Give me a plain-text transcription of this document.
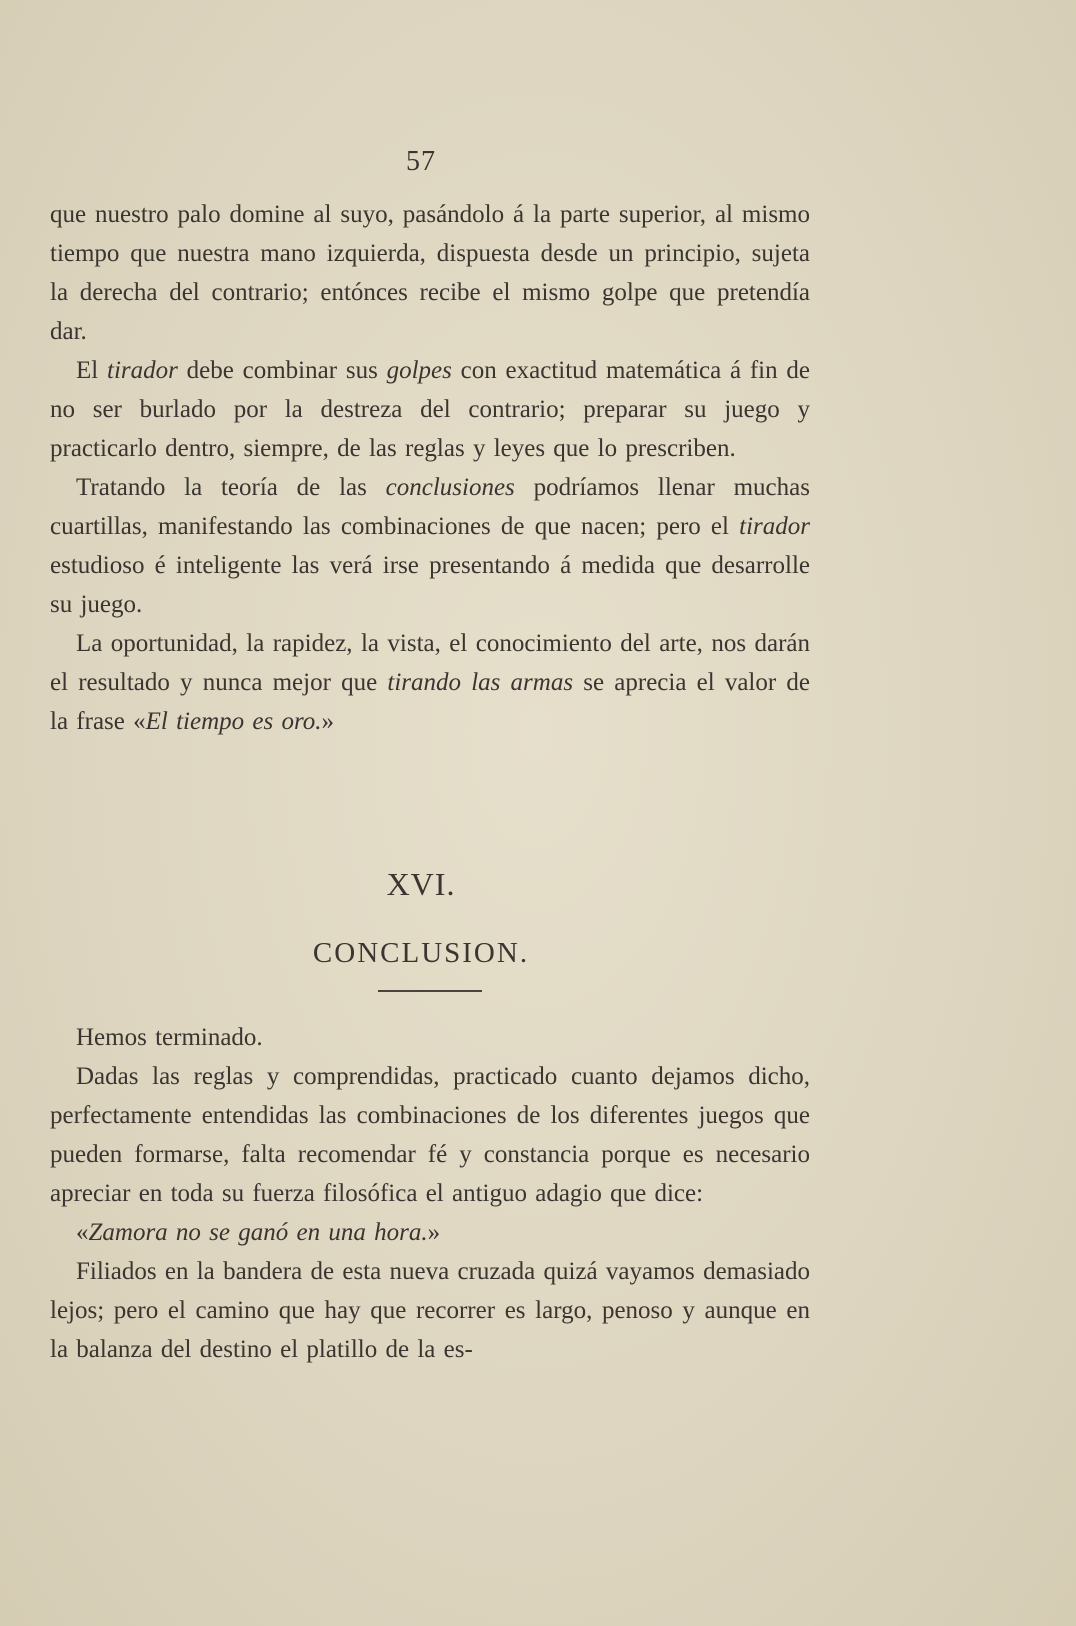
57

que nuestro palo domine al suyo, pasándolo á la parte superior, al mismo tiempo que nuestra mano izquierda, dispuesta desde un principio, sujeta la derecha del contrario; entónces recibe el mismo golpe que pretendía dar.

El tirador debe combinar sus golpes con exactitud matemática á fin de no ser burlado por la destreza del contrario; preparar su juego y practicarlo dentro, siempre, de las reglas y leyes que lo prescriben.

Tratando la teoría de las conclusiones podríamos llenar muchas cuartillas, manifestando las combinaciones de que nacen; pero el tirador estudioso é inteligente las verá irse presentando á medida que desarrolle su juego.

La oportunidad, la rapidez, la vista, el conocimiento del arte, nos darán el resultado y nunca mejor que tirando las armas se aprecia el valor de la frase «El tiempo es oro.»

XVI.
CONCLUSION.

Hemos terminado.

Dadas las reglas y comprendidas, practicado cuanto dejamos dicho, perfectamente entendidas las combinaciones de los diferentes juegos que pueden formarse, falta recomendar fé y constancia porque es necesario apreciar en toda su fuerza filosófica el antiguo adagio que dice:

«Zamora no se ganó en una hora.»

Filiados en la bandera de esta nueva cruzada quizá vayamos demasiado lejos; pero el camino que hay que recorrer es largo, penoso y aunque en la balanza del destino el platillo de la es-
